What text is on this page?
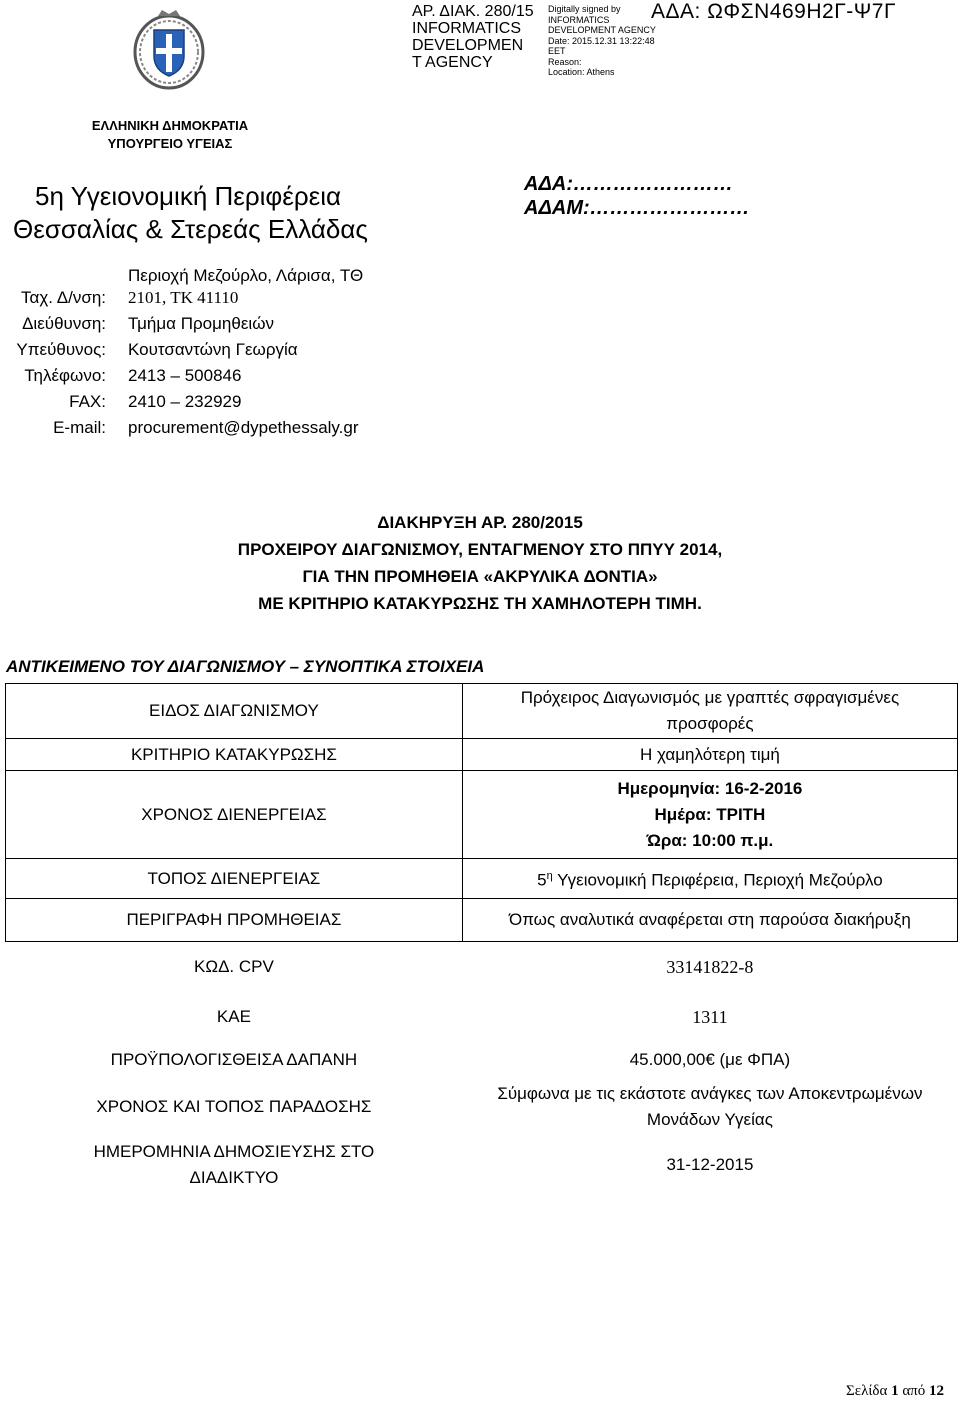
ΑΡ. ΔΙΑΚ. 280/15
INFORMATICS
DEVELOPMEN
T AGENCY
Digitally signed by
INFORMATICS
DEVELOPMENT AGENCY
Date: 2015.12.31 13:22:48
EET
Reason:
Location: Athens
ΑΔΑ: ΩΦΣΝ469Η2Γ-Ψ7Γ
ΕΛΛΗΝΙΚΗ ΔΗΜΟΚΡΑΤΙΑ
ΥΠΟΥΡΓΕΙΟ ΥΓΕΙΑΣ
5η Υγειονομική Περιφέρεια
Θεσσαλίας & Στερεάς Ελλάδας
ΑΔΑ:……………………
ΑΔΑΜ:……………………
Περιοχή Μεζούρλο, Λάρισα, ΤΘ
Ταχ. Δ/νση: 2101, ΤΚ 41110
Διεύθυνση: Τμήμα Προμηθειών
Υπεύθυνος: Κουτσαντώνη Γεωργία
Τηλέφωνο: 2413 – 500846
FAX: 2410 – 232929
E-mail: procurement@dypethessaly.gr
ΔΙΑΚΗΡΥΞΗ ΑΡ. 280/2015
ΠΡΟΧΕΙΡΟΥ ΔΙΑΓΩΝΙΣΜΟΥ, ΕΝΤΑΓΜΕΝΟΥ ΣΤΟ ΠΠΥΥ 2014,
ΓΙΑ ΤΗΝ ΠΡΟΜΗΘΕΙΑ «ΑΚΡΥΛΙΚΑ ΔΟΝΤΙΑ»
ΜΕ ΚΡΙΤΗΡΙΟ ΚΑΤΑΚΥΡΩΣΗΣ ΤΗ ΧΑΜΗΛΟΤΕΡΗ ΤΙΜΗ.
ΑΝΤΙΚΕΙΜΕΝΟ ΤΟΥ ΔΙΑΓΩΝΙΣΜΟΥ – ΣΥΝΟΠΤΙΚΑ ΣΤΟΙΧΕΙΑ
ΕΙΔΟΣ ΔΙΑΓΩΝΙΣΜΟΥ	Πρόχειρος Διαγωνισμός με γραπτές σφραγισμένες
προσφορές

ΚΡΙΤΗΡΙΟ ΚΑΤΑΚΥΡΩΣΗΣ	Η χαμηλότερη τιμή
ΧΡΟΝΟΣ ΔΙΕΝΕΡΓΕΙΑΣ	Ημερομηνία: 16-2-2016
Ημέρα: ΤΡΙΤΗ
Ώρα: 10:00 π.μ.

ΤΟΠΟΣ ΔΙΕΝΕΡΓΕΙΑΣ	$5^\eta$ Υγειονομική Περιφέρεια, Περιοχή Μεζούρλο
ΠΕΡΙΓΡΑΦΗ ΠΡΟΜΗΘΕΙΑΣ	Όπως αναλυτικά αναφέρεται στη παρούσα διακήρυξη
ΚΩΔ. CPV	33141822-8
ΚΑΕ	1311
ΠΡΟΫΠΟΛΟΓΙΣΘΕΙΣΑ ΔΑΠΑΝΗ	45.000,00€ (με ΦΠΑ)
ΧΡΟΝΟΣ ΚΑΙ ΤΟΠΟΣ ΠΑΡΑΔΟΣΗΣ	Σύμφωνα με τις εκάστοτε ανάγκες των Αποκεντρωμένων
Μονάδων Υγείας

ΗΜΕΡΟΜΗΝΙΑ ΔΗΜΟΣΙΕΥΣΗΣ ΣΤΟ
ΔΙΑΔΙΚΤΥΟ	31-12-2015
Σελίδα 1 από 12
